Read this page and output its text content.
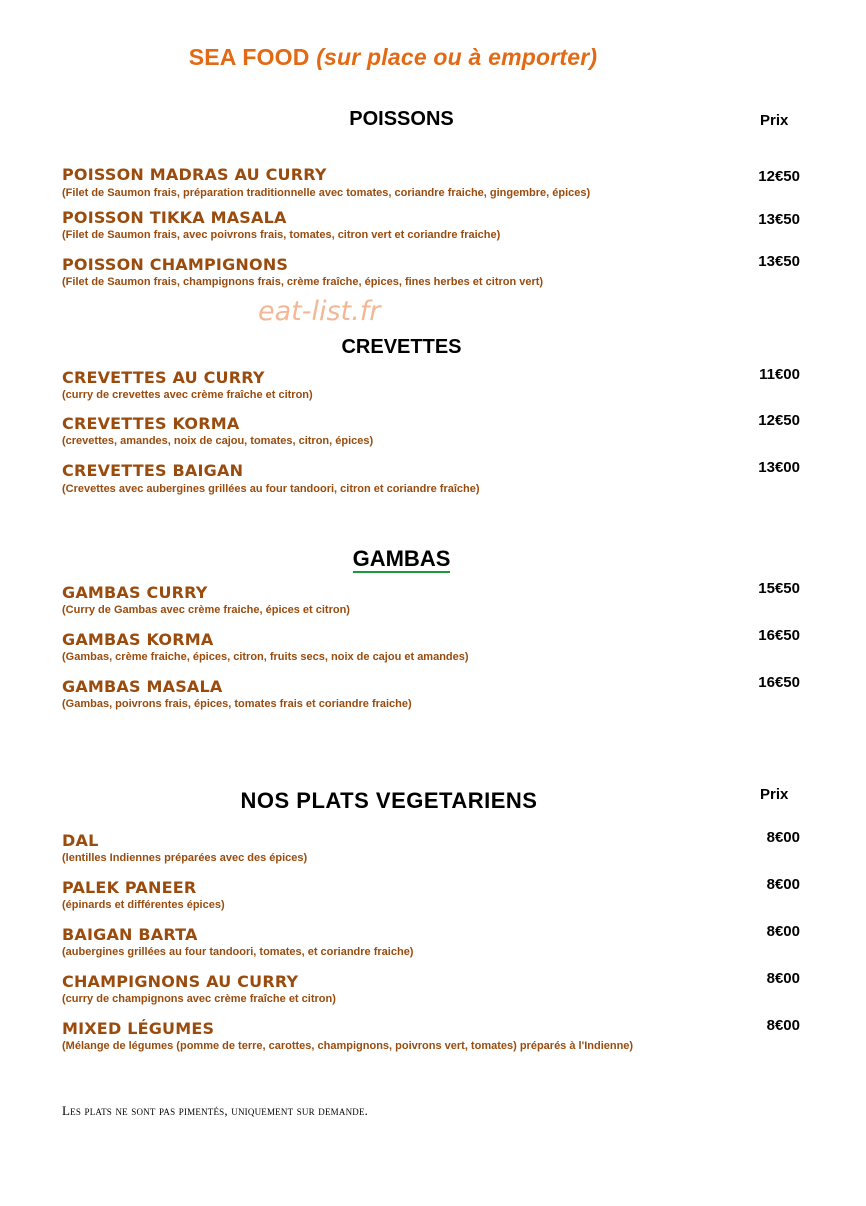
SEA FOOD (sur place ou à emporter)
POISSONS	Prix
POISSON MADRAS AU CURRY
(Filet de Saumon frais, préparation traditionnelle avec tomates, coriandre fraiche, gingembre, épices)
12€50
POISSON TIKKA MASALA
(Filet de Saumon frais, avec poivrons frais, tomates, citron vert et coriandre fraiche)
13€50
POISSON CHAMPIGNONS
(Filet de Saumon frais, champignons frais, crème fraîche, épices, fines herbes et citron vert)
13€50
eat-list.fr
CREVETTES
CREVETTES AU CURRY
(curry de crevettes avec crème fraîche et citron)
11€00
CREVETTES KORMA
(crevettes, amandes, noix de cajou, tomates, citron, épices)
12€50
CREVETTES BAIGAN
(Crevettes avec aubergines grillées au four tandoori, citron et coriandre fraîche)
13€00
GAMBAS
GAMBAS CURRY
(Curry de Gambas avec crème fraiche, épices et citron)
15€50
GAMBAS KORMA
(Gambas, crème fraiche, épices, citron, fruits secs, noix de cajou et amandes)
16€50
GAMBAS MASALA
(Gambas, poivrons frais, épices, tomates frais et coriandre fraiche)
16€50
NOS PLATS VEGETARIENS	Prix
DAL
(lentilles Indiennes préparées avec des épices)
8€00
PALEK PANEER
(épinards et différentes épices)
8€00
BAIGAN BARTA
(aubergines grillées au four tandoori, tomates, et coriandre fraiche)
8€00
CHAMPIGNONS AU CURRY
(curry de champignons avec crème fraîche et citron)
8€00
MIXED LÉGUMES
(Mélange de légumes (pomme de terre, carottes, champignons, poivrons vert, tomates) préparés à l'Indienne)
8€00
Les plats ne sont pas pimentés, uniquement sur demande.
